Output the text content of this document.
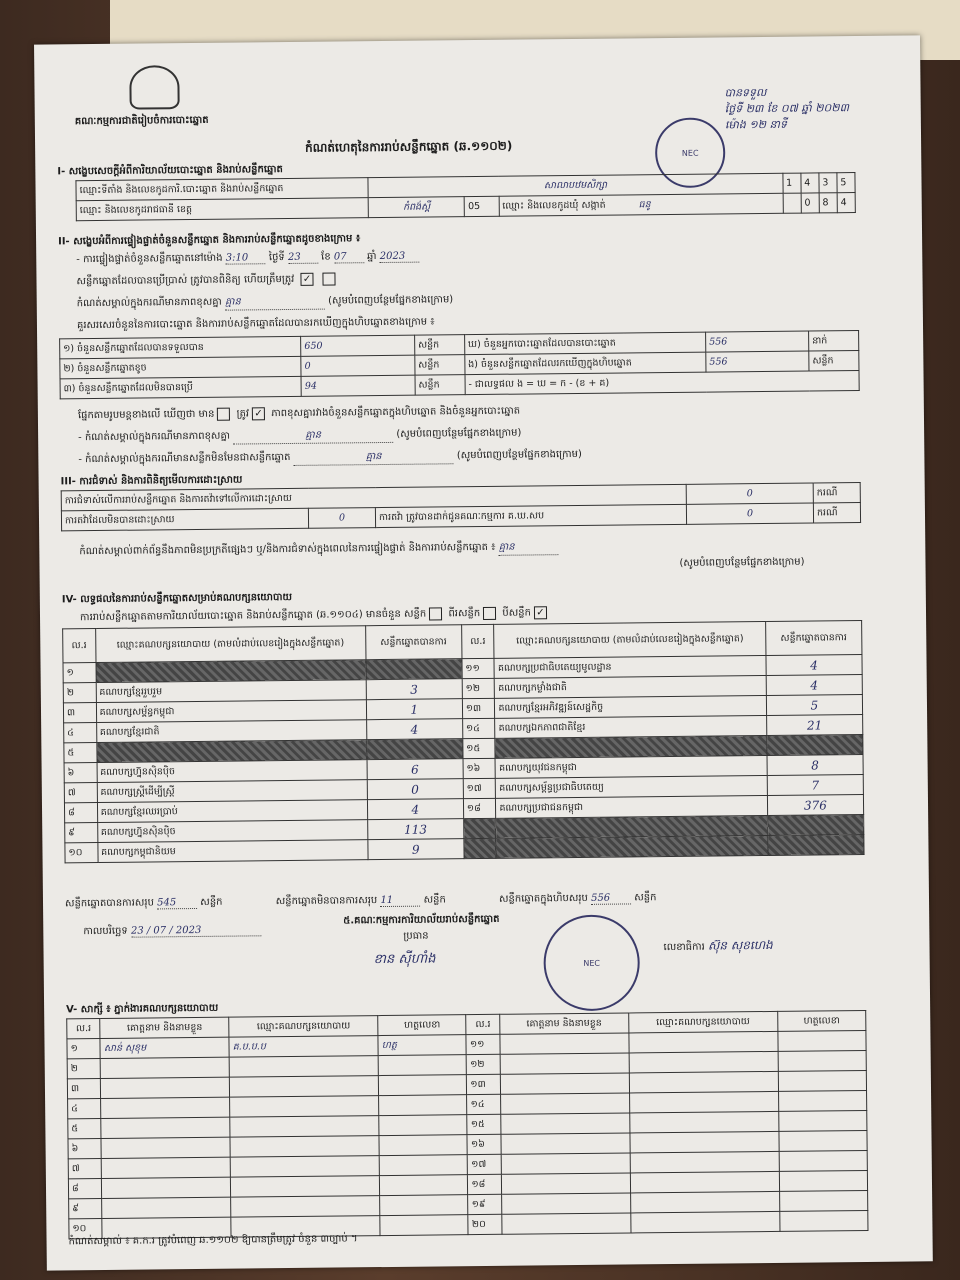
គណៈកម្មការជាតិរៀបចំការបោះឆ្នោត
កំណត់ហេតុនៃការរាប់សន្លឹកឆ្នោត (ឆ.១១០២)	NEC
បានទទួល
ថ្ងៃទី ២៣ ខែ ០៧ ឆ្នាំ ២០២៣
ម៉ោង ១២ នាទី
I- សង្ខេបសេចក្តីអំពីការិយាល័យបោះឆ្នោត និងរាប់សន្លឹកឆ្នោត
ឈ្មោះទីតាំង និងលេខកូដការិ.បោះឆ្នោត និងរាប់សន្លឹកឆ្នោត	សាលាបឋមសិក្សា			1	4	3	5
ឈ្មោះ និងលេខកូដរាជធានី ខេត្ត	កំពង់ស្ពឺ	05	ឈ្មោះ និងលេខកូដឃុំ សង្កាត់ ធនូ		0	8	4
II- សង្ខេបអំពីការផ្ទៀងផ្ទាត់ចំនួនសន្លឹកឆ្នោត និងការរាប់សន្លឹកឆ្នោតដូចខាងក្រោម ៖
- ការផ្ទៀងផ្ទាត់ចំនួនសន្លឹកឆ្នោតនៅម៉ោង 3:10 ថ្ងៃទី 23 ខែ 07 ឆ្នាំ 2023
សន្លឹកឆ្នោតដែលបានប្រើប្រាស់ ត្រូវបានពិនិត្យ ហើយត្រឹមត្រូវ ✓
កំណត់សម្គាល់ក្នុងករណីមានភាពខុសគ្នា គ្មាន	(សូមបំពេញបន្ថែមផ្នែកខាងក្រោម)
គួរសរសេរចំនួននៃការបោះឆ្នោត និងការរាប់សន្លឹកឆ្នោតដែលបានរកឃើញក្នុងហិបឆ្នោតខាងក្រោម ៖
១) ចំនួនសន្លឹកឆ្នោតដែលបានទទួលបាន	650	សន្លឹក	ឃ) ចំនួនអ្នកបោះឆ្នោតដែលបានបោះឆ្នោត	556	នាក់
២) ចំនួនសន្លឹកឆ្នោតខូច	0	សន្លឹក	ង) ចំនួនសន្លឹកឆ្នោតដែលរកឃើញក្នុងហិបឆ្នោត	556	សន្លឹក
៣) ចំនួនសន្លឹកឆ្នោតដែលមិនបានប្រើ	94	សន្លឹក	- ជាលទ្ធផល ង = ឃ = ក - (ខ + គ)		
ផ្នែកតាមរូបមន្តខាងលើ ឃើញថា មាន ត្រូវ ✓ ភាពខុសគ្នារវាងចំនួនសន្លឹកឆ្នោតក្នុងហិបឆ្នោត និងចំនួនអ្នកបោះឆ្នោត
- កំណត់សម្គាល់ក្នុងករណីមានភាពខុសគ្នា	គ្មាន	(សូមបំពេញបន្ថែមផ្នែកខាងក្រោម)
- កំណត់សម្គាល់ក្នុងករណីមានសន្លឹកមិនមែនជាសន្លឹកឆ្នោត	គ្មាន	(សូមបំពេញបន្ថែមផ្នែកខាងក្រោម)
III- ការជំទាស់ និងការពិនិត្យមើលការដោះស្រាយ
ការជំទាស់លើការរាប់សន្លឹកឆ្នោត និងការតវ៉ាទៅលើការដោះស្រាយ			0	ករណី
ការតវ៉ាដែលមិនបានដោះស្រាយ	0	ការតវ៉ា ត្រូវបានដាក់ជូនគណៈកម្មការ គ.ឃ.សប	0	ករណី
កំណត់សម្គាល់ពាក់ព័ន្ធនឹងភាពមិនប្រក្រតីផ្សេងៗ ឬ/និងការជំទាស់ក្នុងពេលនៃការផ្ទៀងផ្ទាត់ និងការរាប់សន្លឹកឆ្នោត ៖ គ្មាន
(សូមបំពេញបន្ថែមផ្នែកខាងក្រោម)
IV- លទ្ធផលនៃការរាប់សន្លឹកឆ្នោតសម្រាប់គណបក្សនយោបាយ
ការរាប់សន្លឹកឆ្នោតតាមការិយាល័យបោះឆ្នោត និងរាប់សន្លឹកឆ្នោត (ឆ.១១០៤) មានចំនួន សន្លឹក ពីរសន្លឹក បីសន្លឹក ✓
ល.រ	ឈ្មោះគណបក្សនយោបាយ (តាមលំដាប់លេខរៀងក្នុងសន្លឹកឆ្នោត)	សន្លឹកឆ្នោតបានការ	ល.រ	ឈ្មោះគណបក្សនយោបាយ (តាមលំដាប់លេខរៀងក្នុងសន្លឹកឆ្នោត)	សន្លឹកឆ្នោតបានការ
១			១១	គណបក្សប្រជាធិបតេយ្យមូលដ្ឋាន	4
២	គណបក្សខ្មែររួបរួម	3	១២	គណបក្សកម្លាំងជាតិ	4
៣	គណបក្សសម្ព័ន្ធកម្ពុជា	1	១៣	គណបក្សខ្មែរអភិវឌ្ឍន៍សេដ្ឋកិច្ច	5
៤	គណបក្សខ្មែរជាតិ	4	១៤	គណបក្សឯកភាពជាតិខ្មែរ	21
៥			១៥		
៦	គណបក្សហ្វ៊ុនស៊ិនប៉ិច	6	១៦	គណបក្សយុវជនកម្ពុជា	8
៧	គណបក្សស្ត្រីដើម្បីស្ត្រី	0	១៧	គណបក្សសម្ព័ន្ធប្រជាធិបតេយ្យ	7
៨	គណបក្សខ្មែរឈរប្រាប់	4	១៨	គណបក្សប្រជាជនកម្ពុជា	376
៩	គណបក្សហ្វ៊ុនស៊ិនប៉ិច	113			
១០	គណបក្សកម្ពុជានិយម	9			
សន្លឹកឆ្នោតបានការសរុប 545 សន្លឹក	សន្លឹកឆ្នោតមិនបានការសរុប 11	សន្លឹក	សន្លឹកឆ្នោតក្នុងហិបសរុប 556 សន្លឹក
កាលបរិច្ឆេទ 23 / 07 / 2023
៥.គណៈកម្មការការិយាល័យរាប់សន្លឹកឆ្នោត
ប្រធាន
ខាន សុីហាំង	NEC
លេខាធិការ ស៊ុន សុខហេង
V- សាក្សី ៖ ភ្នាក់ងារគណបក្សនយោបាយ
ល.រ	គោត្តនាម និងនាមខ្លួន	ឈ្មោះគណបក្សនយោបាយ	ហត្ថលេខា	ល.រ	គោត្តនាម និងនាមខ្លួន	ឈ្មោះគណបក្សនយោបាយ	ហត្ថលេខា
១	សាន់ សុខុម	គ.ប.ប.ប	ហត្ថ	១១			
២				១២			
៣				១៣			
៤				១៤			
៥				១៥			
៦				១៦			
៧				១៧			
៨				១៨			
៩				១៩			
១០				២០			
កំណត់សម្គាល់ ៖ គ.ក.រ ត្រូវបំពេញ ឆ.១១០២ ឱ្យបានត្រឹមត្រូវ ចំនួន ៣ច្បាប់ ។
